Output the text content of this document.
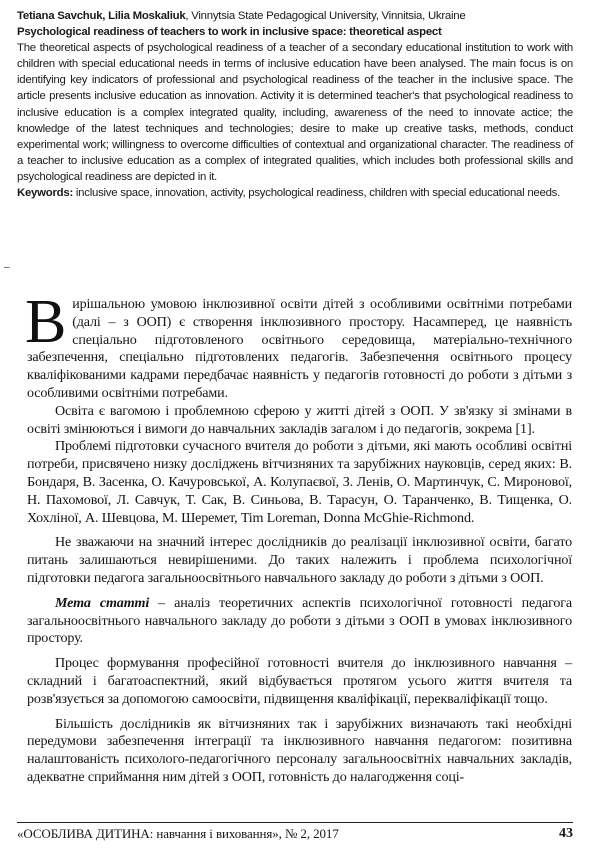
Tetiana Savchuk, Lilia Moskaliuk, Vinnytsia State Pedagogical University, Vinnitsia, Ukraine

Psychological readiness of teachers to work in inclusive space: theoretical aspect

The theoretical aspects of psychological readiness of a teacher of a secondary educational institution to work with children with special educational needs in terms of inclusive education have been analysed. The main focus is on identifying key indicators of professional and psychological readiness of the teacher in the inclusive space. The article presents inclusive education as innovation. Activity it is determined teacher's that psychological readiness to inclusive education is a complex integrated quality, including, awareness of the need to innovate actice; the knowledge of the latest techniques and technologies; desire to make up creative tasks, methods, conduct experimental work; willingness to overcome difficulties of contextual and organizational character. The readiness of a teacher to inclusive education as a complex of integrated qualities, which includes both professional skills and psychological readiness are depicted in it.

Keywords: inclusive space, innovation, activity, psychological readiness, children with special educational needs.

–

Вирішальною умовою інклюзивної освіти дітей з особливими освітніми потребами (далі – з ООП) є створення інклюзивного простору. Насамперед, це наявність спеціально підготовленого освітнього середовища, матеріально-технічного забезпечення, спеціально підготовлених педагогів. Забезпечення освітнього процесу кваліфікованими кадрами передбачає наявність у педагогів готовності до роботи з дітьми з особливими освітніми потребами.

Освіта є вагомою і проблемною сферою у житті дітей з ООП. У зв'язку зі змінами в освіті змінюються і вимоги до навчальних закладів загалом і до педагогів, зокрема [1].

Проблемі підготовки сучасного вчителя до роботи з дітьми, які мають особливі освітні потреби, присвячено низку досліджень вітчизняних та зарубіжних науковців, серед яких: В. Бондаря, В. Засенка, О. Качуровської, А. Колупаєвої, З. Ленів, О. Мартинчук, С. Миронової, Н. Пахомової, Л. Савчук, Т. Сак, В. Синьова, В. Тарасун, О. Таранченко, В. Тищенка, О. Хохліної, А. Шевцова, М. Шеремет, Tim Loreman, Donna McGhie-Richmond.

Не зважаючи на значний інтерес дослідників до реалізації інклюзивної освіти, багато питань залишаються невирішеними. До таких належить і проблема психологічної підготовки педагога загальноосвітнього навчального закладу до роботи з дітьми з ООП.

Мета статті – аналіз теоретичних аспектів психологічної готовності педагога загальноосвітнього навчального закладу до роботи з дітьми з ООП в умовах інклюзивного простору.

Процес формування професійної готовності вчителя до інклюзивного навчання – складний і багатоаспектний, який відбувається протягом усього життя вчителя та розв'язується за допомогою самоосвіти, підвищення кваліфікації, перекваліфікації тощо.

Більшість дослідників як вітчизняних так і зарубіжних визначають такі необхідні передумови забезпечення інтеграції та інклюзивного навчання педагогом: позитивна налаштованість психолого-педагогічного персоналу загальноосвітніх навчальних закладів, адекватне сприймання ним дітей з ООП, готовність до налагодження соці-

«ОСОБЛИВА ДИТИНА: навчання і виховання», № 2, 2017	43
